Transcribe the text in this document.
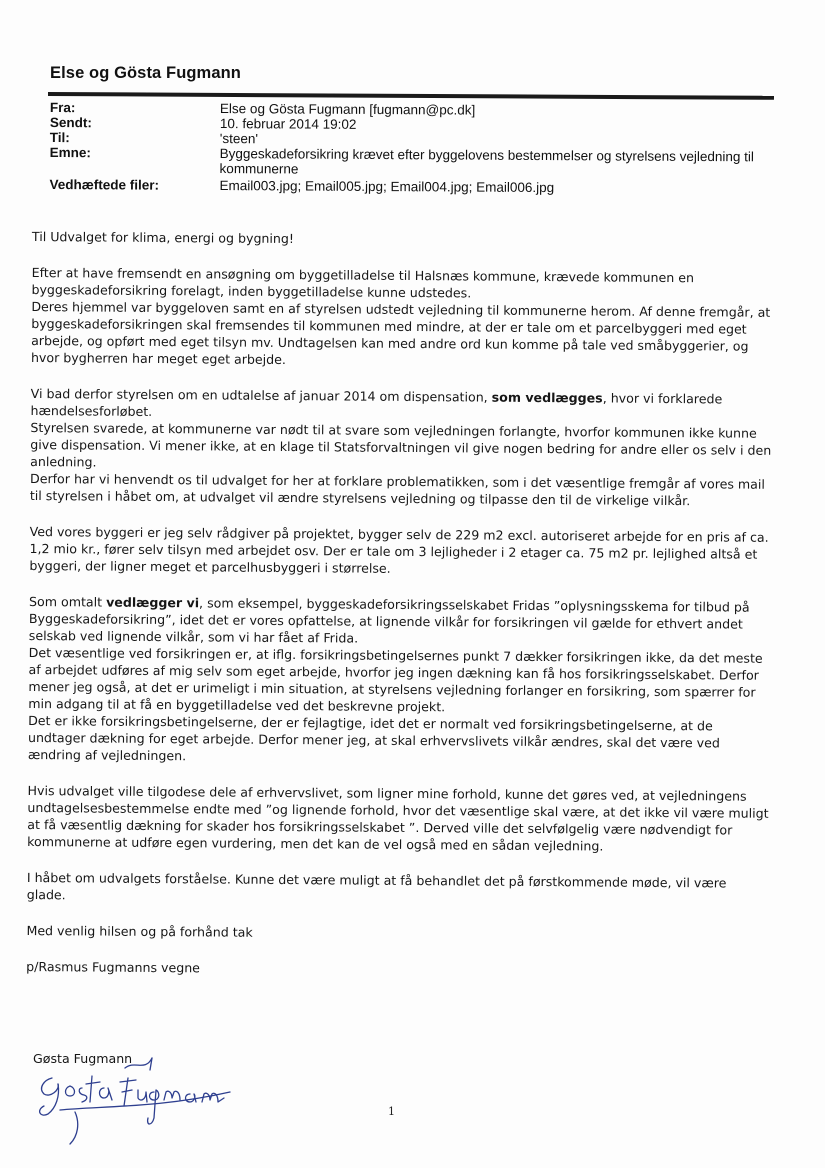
Else og Gösta Fugmann
Fra:	Else og Gösta Fugmann [fugmann@pc.dk]
Sendt:	10. februar 2014 19:02
Til:	'steen'
Emne:	Byggeskadeforsikring krævet efter byggelovens bestemmelser og styrelsens vejledning til kommunerne
Vedhæftede filer:	Email003.jpg; Email005.jpg; Email004.jpg; Email006.jpg

Til Udvalget for klima, energi og bygning!

Efter at have fremsendt en ansøgning om byggetilladelse til Halsnæs kommune, krævede kommunen en

byggeskadeforsikring forelagt, inden byggetilladelse kunne udstedes.

Deres hjemmel var byggeloven samt en af styrelsen udstedt vejledning til kommunerne herom. Af denne fremgår, at

byggeskadeforsikringen skal fremsendes til kommunen med mindre, at der er tale om et parcelbyggeri med eget

arbejde, og opført med eget tilsyn mv. Undtagelsen kan med andre ord kun komme på tale ved småbyggerier, og

hvor bygherren har meget eget arbejde.

Vi bad derfor styrelsen om en udtalelse af januar 2014 om dispensation, som vedlægges, hvor vi forklarede

hændelsesforløbet.

Styrelsen svarede, at kommunerne var nødt til at svare som vejledningen forlangte, hvorfor kommunen ikke kunne

give dispensation. Vi mener ikke, at en klage til Statsforvaltningen vil give nogen bedring for andre eller os selv i den

anledning.

Derfor har vi henvendt os til udvalget for her at forklare problematikken, som i det væsentlige fremgår af vores mail

til styrelsen i håbet om, at udvalget vil ændre styrelsens vejledning og tilpasse den til de virkelige vilkår.

Ved vores byggeri er jeg selv rådgiver på projektet, bygger selv de 229 m2 excl. autoriseret arbejde for en pris af ca.

1,2 mio kr., fører selv tilsyn med arbejdet osv. Der er tale om 3 lejligheder i 2 etager ca. 75 m2 pr. lejlighed altså et

byggeri, der ligner meget et parcelhusbyggeri i størrelse.

Som omtalt vedlægger vi, som eksempel, byggeskadeforsikringsselskabet Fridas ”oplysningsskema for tilbud på

Byggeskadeforsikring”, idet det er vores opfattelse, at lignende vilkår for forsikringen vil gælde for ethvert andet

selskab ved lignende vilkår, som vi har fået af Frida.

Det væsentlige ved forsikringen er, at iflg. forsikringsbetingelsernes punkt 7 dækker forsikringen ikke, da det meste

af arbejdet udføres af mig selv som eget arbejde, hvorfor jeg ingen dækning kan få hos forsikringsselskabet. Derfor

mener jeg også, at det er urimeligt i min situation, at styrelsens vejledning forlanger en forsikring, som spærrer for

min adgang til at få en byggetilladelse ved det beskrevne projekt.

Det er ikke forsikringsbetingelserne, der er fejlagtige, idet det er normalt ved forsikringsbetingelserne, at de

undtager dækning for eget arbejde. Derfor mener jeg, at skal erhvervslivets vilkår ændres, skal det være ved

ændring af vejledningen.

Hvis udvalget ville tilgodese dele af erhvervslivet, som ligner mine forhold, kunne det gøres ved, at vejledningens

undtagelsesbestemmelse endte med ”og lignende forhold, hvor det væsentlige skal være, at det ikke vil være muligt

at få væsentlig dækning for skader hos forsikringsselskabet ”. Derved ville det selvfølgelig være nødvendigt for

kommunerne at udføre egen vurdering, men det kan de vel også med en sådan vejledning.

I håbet om udvalgets forståelse. Kunne det være muligt at få behandlet det på førstkommende møde, vil være

glade.

Med venlig hilsen og på forhånd tak

p/Rasmus Fugmanns vegne

Gøsta Fugmann
1
